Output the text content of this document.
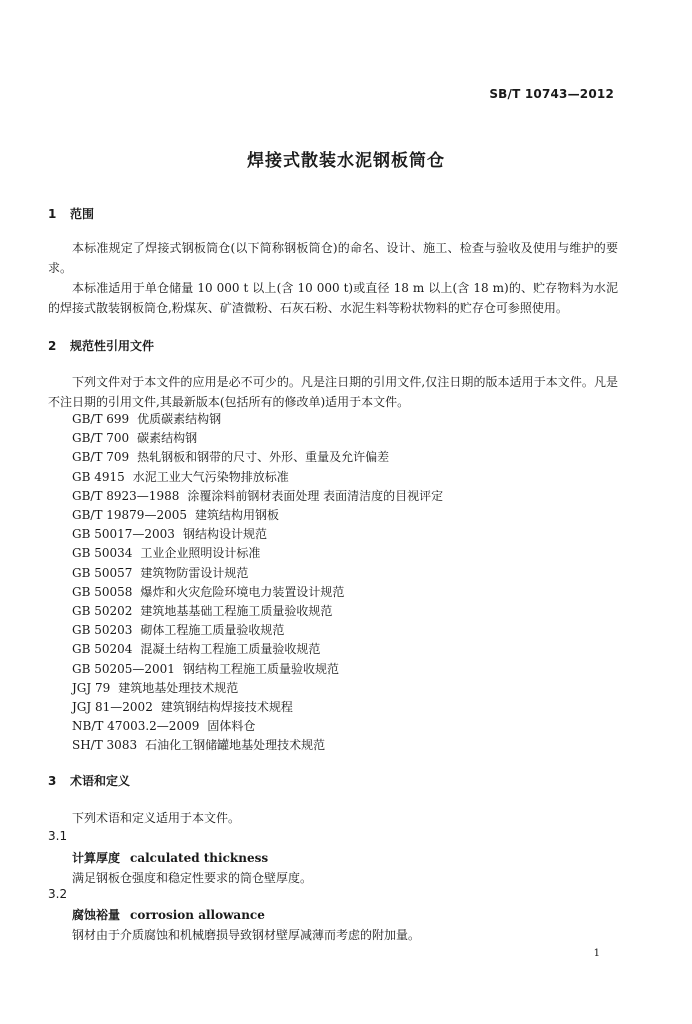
SB/T 10743—2012
焊接式散装水泥钢板筒仓
1 范围
本标准规定了焊接式钢板筒仓(以下简称钢板筒仓)的命名、设计、施工、检查与验收及使用与维护的要求。
本标准适用于单仓储量 10 000 t 以上(含 10 000 t)或直径 18 m 以上(含 18 m)的、贮存物料为水泥的焊接式散装钢板筒仓,粉煤灰、矿渣微粉、石灰石粉、水泥生料等粉状物料的贮存仓可参照使用。
2 规范性引用文件
下列文件对于本文件的应用是必不可少的。凡是注日期的引用文件,仅注日期的版本适用于本文件。凡是不注日期的引用文件,其最新版本(包括所有的修改单)适用于本文件。
GB/T 699 优质碳素结构钢
GB/T 700 碳素结构钢
GB/T 709 热轧钢板和钢带的尺寸、外形、重量及允许偏差
GB 4915 水泥工业大气污染物排放标准
GB/T 8923—1988 涂覆涂料前钢材表面处理 表面清洁度的目视评定
GB/T 19879—2005 建筑结构用钢板
GB 50017—2003 钢结构设计规范
GB 50034 工业企业照明设计标准
GB 50057 建筑物防雷设计规范
GB 50058 爆炸和火灾危险环境电力装置设计规范
GB 50202 建筑地基基础工程施工质量验收规范
GB 50203 砌体工程施工质量验收规范
GB 50204 混凝土结构工程施工质量验收规范
GB 50205—2001 钢结构工程施工质量验收规范
JGJ 79 建筑地基处理技术规范
JGJ 81—2002 建筑钢结构焊接技术规程
NB/T 47003.2—2009 固体料仓
SH/T 3083 石油化工钢储罐地基处理技术规范
3 术语和定义
下列术语和定义适用于本文件。
3.1
计算厚度 calculated thickness
满足钢板仓强度和稳定性要求的筒仓壁厚度。
3.2
腐蚀裕量 corrosion allowance
钢材由于介质腐蚀和机械磨损导致钢材壁厚减薄而考虑的附加量。
1
